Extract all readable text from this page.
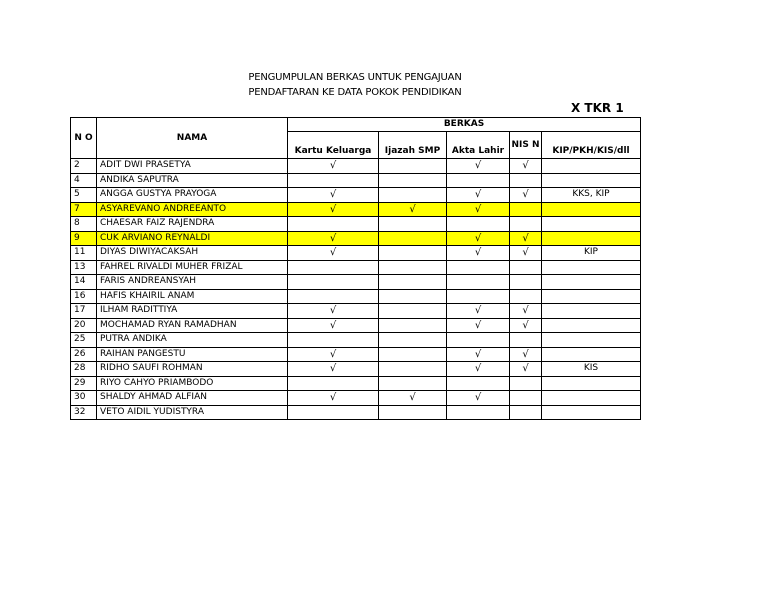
PENGUMPULAN BERKAS UNTUK PENGAJUAN
PENDAFTARAN KE DATA POKOK PENDIDIKAN
X TKR 1
N O	NAMA	BERKAS				
		Kartu Keluarga	Ijazah SMP	Akta Lahir	NIS N	KIP/PKH/KIS/dll
2	ADIT DWI PRASETYA	√		√	√	
4	ANDIKA SAPUTRA					
5	ANGGA GUSTYA PRAYOGA	√		√	√	KKS, KIP
7	ASYAREVANO ANDREEANTO	√	√	√		
8	CHAESAR FAIZ RAJENDRA					
9	CUK ARVIANO REYNALDI	√		√	√	
11	DIYAS DIWIYACAKSAH	√		√	√	KIP
13	FAHREL RIVALDI MUHER FRIZAL					
14	FARIS ANDREANSYAH					
16	HAFIS KHAIRIL ANAM					
17	ILHAM RADITTIYA	√		√	√	
20	MOCHAMAD RYAN RAMADHAN	√		√	√	
25	PUTRA ANDIKA					
26	RAIHAN PANGESTU	√		√	√	
28	RIDHO SAUFI ROHMAN	√		√	√	KIS
29	RIYO CAHYO PRIAMBODO					
30	SHALDY AHMAD ALFIAN	√	√	√		
32	VETO AIDIL YUDISTYRA					
